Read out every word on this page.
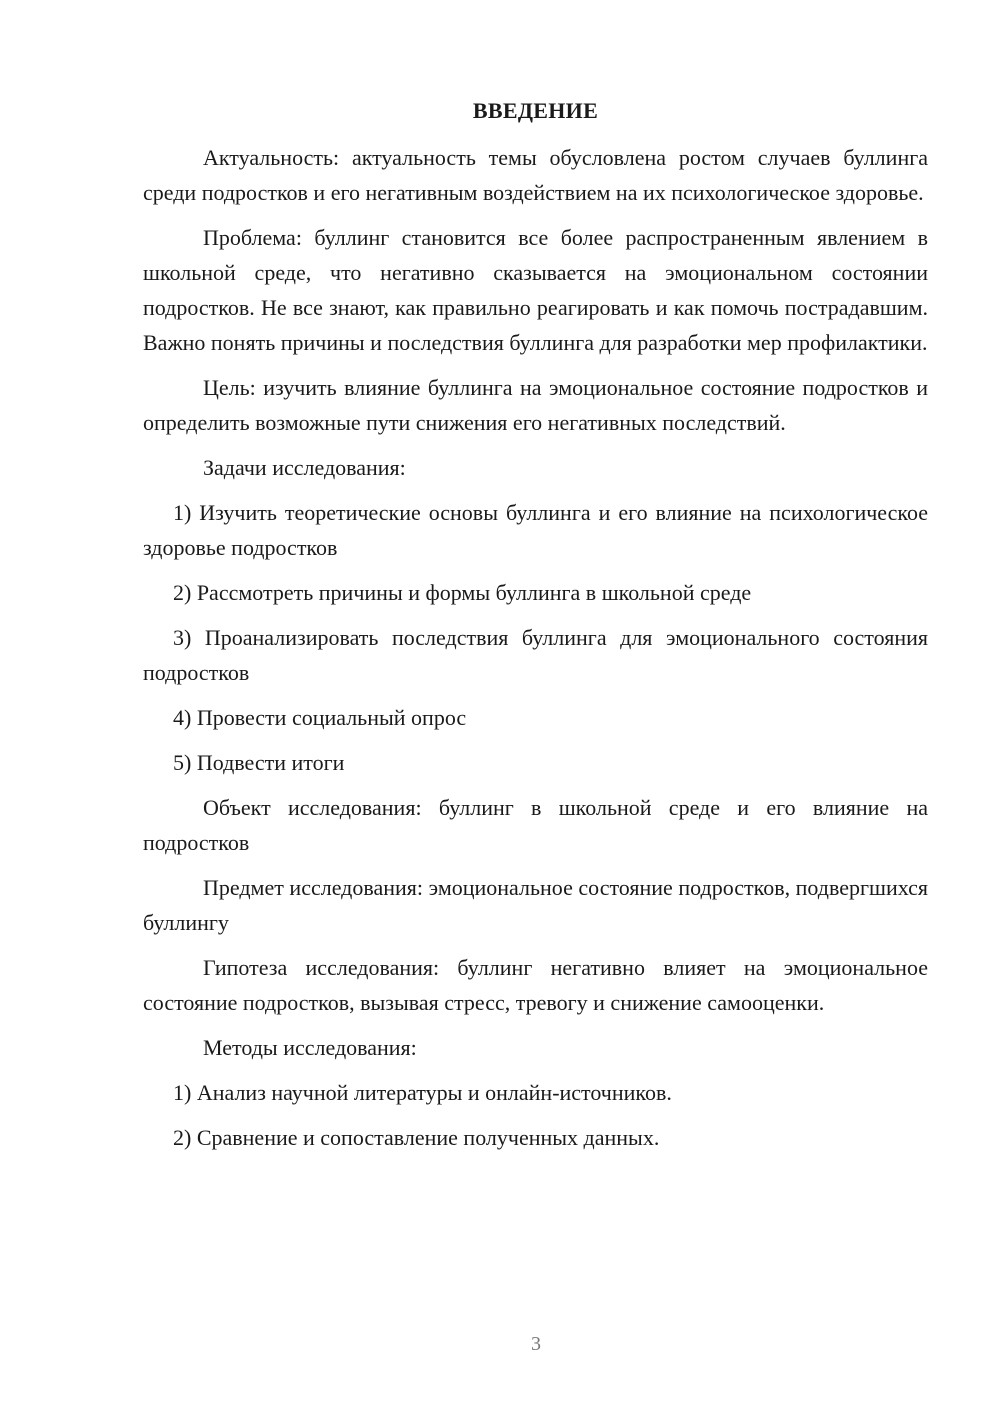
ВВЕДЕНИЕ

Актуальность: актуальность темы обусловлена ростом случаев буллинга среди подростков и его негативным воздействием на их психологическое здоровье.

Проблема: буллинг становится все более распространенным явлением в школьной среде, что негативно сказывается на эмоциональном состоянии подростков. Не все знают, как правильно реагировать и как помочь пострадавшим. Важно понять причины и последствия буллинга для разработки мер профилактики.

Цель: изучить влияние буллинга на эмоциональное состояние подростков и определить возможные пути снижения его негативных последствий.

Задачи исследования:

1) Изучить теоретические основы буллинга и его влияние на психологическое здоровье подростков

2) Рассмотреть причины и формы буллинга в школьной среде

3) Проанализировать последствия буллинга для эмоционального состояния подростков

4) Провести социальный опрос

5) Подвести итоги

Объект исследования: буллинг в школьной среде и его влияние на подростков

Предмет исследования: эмоциональное состояние подростков, подвергшихся буллингу

Гипотеза исследования: буллинг негативно влияет на эмоциональное состояние подростков, вызывая стресс, тревогу и снижение самооценки.

Методы исследования:

1) Анализ научной литературы и онлайн-источников.

2) Сравнение и сопоставление полученных данных.

3
